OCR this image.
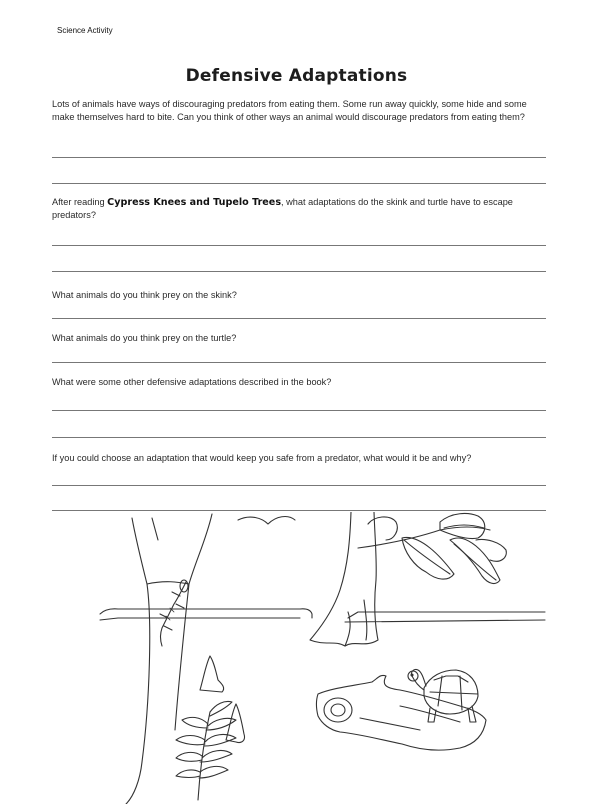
Science Activity
Defensive Adaptations
Lots of animals have ways of discouraging predators from eating them. Some run away quickly, some hide and some make themselves hard to bite. Can you think of other ways an animal would discourage predators from eating them?
After reading Cypress Knees and Tupelo Trees, what adaptations do the skink and turtle have to escape predators?
What animals do you think prey on the skink?
What animals do you think prey on the turtle?
What were some other defensive adaptations described in the book?
If you could choose an adaptation that would keep you safe from a predator, what would it be and why?
